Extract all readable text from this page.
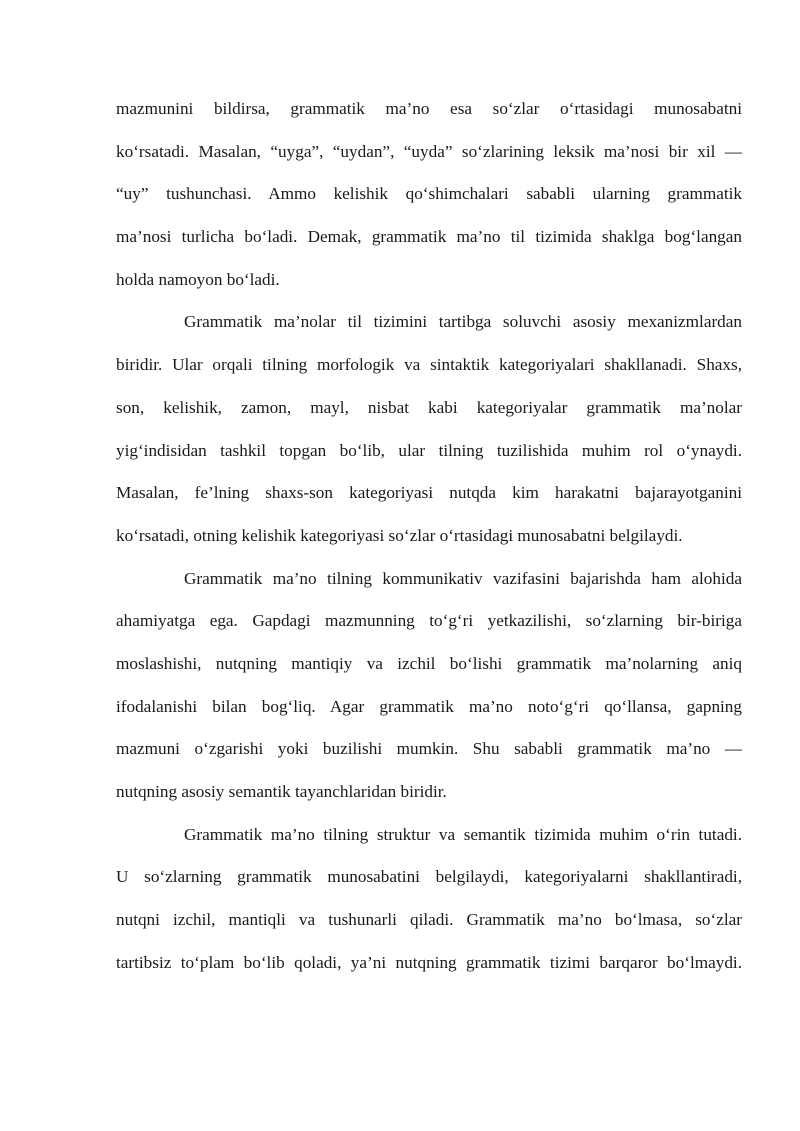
mazmunini bildirsa, grammatik ma’no esa so‘zlar o‘rtasidagi munosabatni
ko‘rsatadi. Masalan, “uyga”, “uydan”, “uyda” so‘zlarining leksik ma’nosi bir xil —
“uy” tushunchasi. Ammo kelishik qo‘shimchalari sababli ularning grammatik
ma’nosi turlicha bo‘ladi. Demak, grammatik ma’no til tizimida shaklga bog‘langan
holda namoyon bo‘ladi.
Grammatik ma’nolar til tizimini tartibga soluvchi asosiy mexanizmlardan
biridir. Ular orqali tilning morfologik va sintaktik kategoriyalari shakllanadi. Shaxs,
son, kelishik, zamon, mayl, nisbat kabi kategoriyalar grammatik ma’nolar
yig‘indisidan tashkil topgan bo‘lib, ular tilning tuzilishida muhim rol o‘ynaydi.
Masalan, fe’lning shaxs-son kategoriyasi nutqda kim harakatni bajarayotganini
ko‘rsatadi, otning kelishik kategoriyasi so‘zlar o‘rtasidagi munosabatni belgilaydi.
Grammatik ma’no tilning kommunikativ vazifasini bajarishda ham alohida
ahamiyatga ega. Gapdagi mazmunning to‘g‘ri yetkazilishi, so‘zlarning bir-biriga
moslashishi, nutqning mantiqiy va izchil bo‘lishi grammatik ma’nolarning aniq
ifodalanishi bilan bog‘liq. Agar grammatik ma’no noto‘g‘ri qo‘llansa, gapning
mazmuni o‘zgarishi yoki buzilishi mumkin. Shu sababli grammatik ma’no —
nutqning asosiy semantik tayanchlaridan biridir.
Grammatik ma’no tilning struktur va semantik tizimida muhim o‘rin tutadi.
U so‘zlarning grammatik munosabatini belgilaydi, kategoriyalarni shakllantiradi,
nutqni izchil, mantiqli va tushunarli qiladi. Grammatik ma’no bo‘lmasa, so‘zlar
tartibsiz to‘plam bo‘lib qoladi, ya’ni nutqning grammatik tizimi barqaror bo‘lmaydi.
